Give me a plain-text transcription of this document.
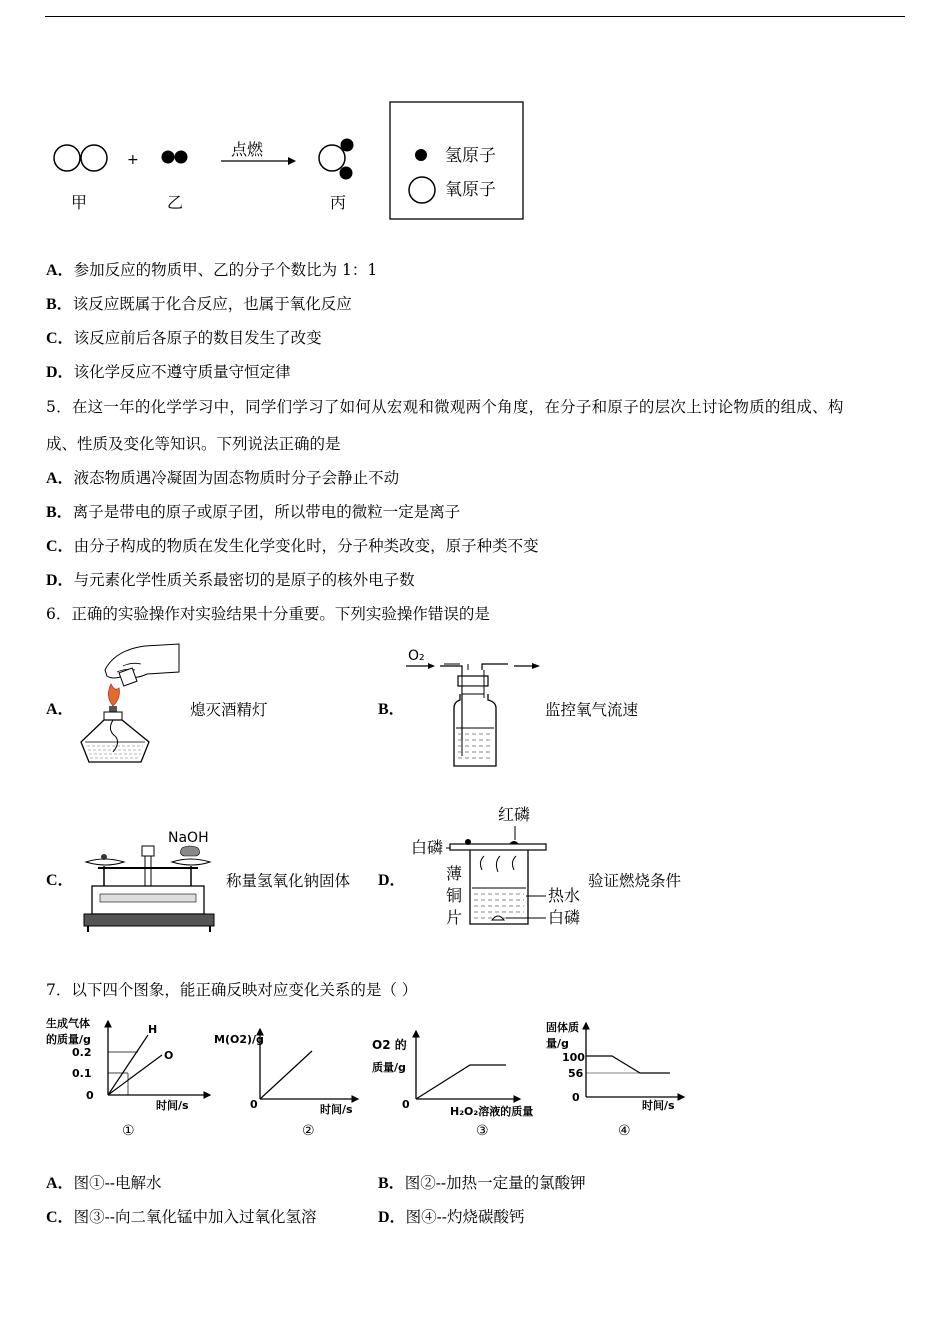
+
点燃
甲	乙	丙
氢原子
氧原子
A．参加反应的物质甲、乙的分子个数比为 1：1
B．该反应既属于化合反应，也属于氧化反应
C．该反应前后各原子的数目发生了改变
D．该化学反应不遵守质量守恒定律
5．在这一年的化学学习中，同学们学习了如何从宏观和微观两个角度，在分子和原子的层次上讨论物质的组成、构
成、性质及变化等知识。下列说法正确的是
A．液态物质遇冷凝固为固态物质时分子会静止不动
B．离子是带电的原子或原子团，所以带电的微粒一定是离子
C．由分子构成的物质在发生化学变化时，分子种类改变，原子种类不变
D．与元素化学性质关系最密切的是原子的核外电子数
6．正确的实验操作对实验结果十分重要。下列实验操作错误的是
A．	熄灭酒精灯	B．
O₂
监控氧气流速
C．
NaOH
称量氢氧化钠固体 D．
红磷
白磷
薄
铜
片
热水
白磷
验证燃烧条件
7．以下四个图象，能正确反映对应变化关系的是（ ）
生成气体
的质量/g
0.2
0.1
0
H
O
时间/s
①
M(O2)/g
0	时间/s
②
O2 的
质量/g
0
H₂O₂溶液的质量
③
固体质
量/g
100
56
0
时间/s
④
A．图①--电解水	B．图②--加热一定量的氯酸钾
C．图③--向二氧化锰中加入过氧化氢溶	D．图④--灼烧碳酸钙
